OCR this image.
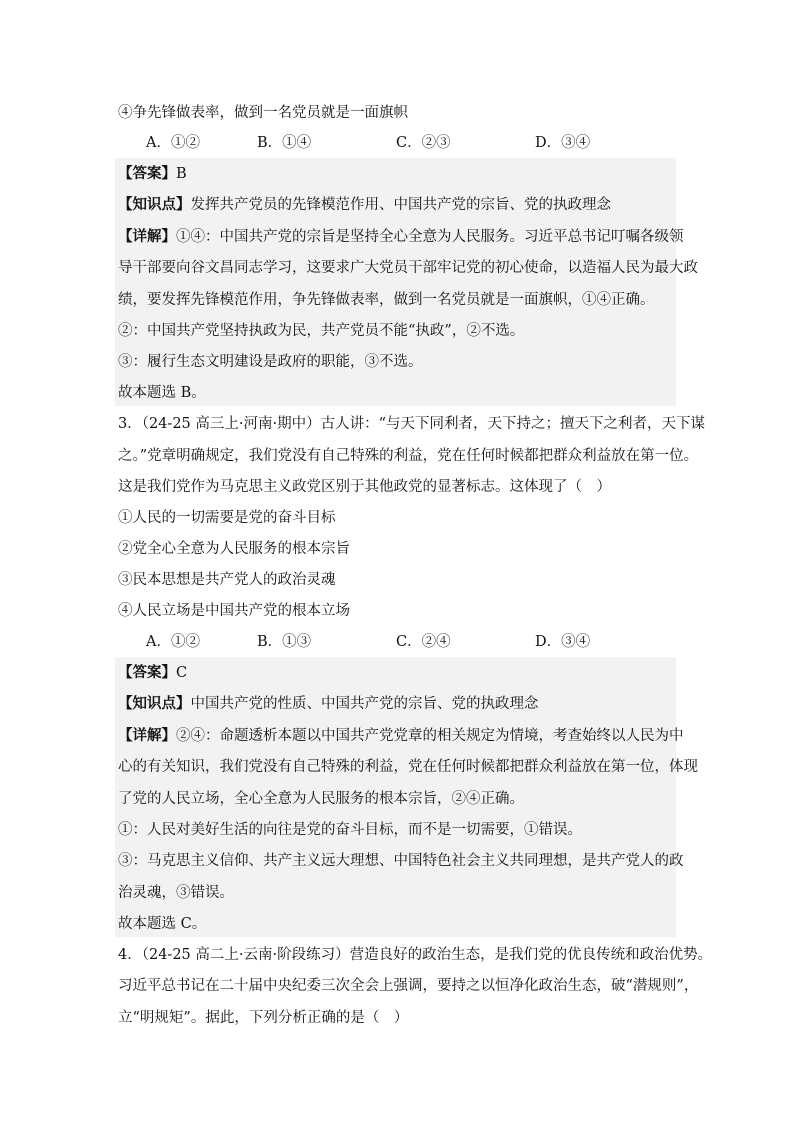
④争先锋做表率，做到一名党员就是一面旗帜
A．①②	B．①④	C．②③	D．③④
【答案】B
【知识点】发挥共产党员的先锋模范作用、中国共产党的宗旨、党的执政理念
【详解】①④：中国共产党的宗旨是坚持全心全意为人民服务。习近平总书记叮嘱各级领
导干部要向谷文昌同志学习，这要求广大党员干部牢记党的初心使命，以造福人民为最大政
绩，要发挥先锋模范作用，争先锋做表率，做到一名党员就是一面旗帜，①④正确。
②：中国共产党坚持执政为民，共产党员不能“执政”，②不选。
③：履行生态文明建设是政府的职能，③不选。
故本题选 B。
3．（24-25 高三上·河南·期中）古人讲：“与天下同利者，天下持之；擅天下之利者，天下谋
之。”党章明确规定，我们党没有自己特殊的利益，党在任何时候都把群众利益放在第一位。
这是我们党作为马克思主义政党区别于其他政党的显著标志。这体现了（　）
①人民的一切需要是党的奋斗目标
②党全心全意为人民服务的根本宗旨
③民本思想是共产党人的政治灵魂
④人民立场是中国共产党的根本立场
A．①②	B．①③	C．②④	D．③④
【答案】C
【知识点】中国共产党的性质、中国共产党的宗旨、党的执政理念
【详解】②④：命题透析本题以中国共产党党章的相关规定为情境，考查始终以人民为中
心的有关知识，我们党没有自己特殊的利益，党在任何时候都把群众利益放在第一位，体现
了党的人民立场，全心全意为人民服务的根本宗旨，②④正确。
①：人民对美好生活的向往是党的奋斗目标，而不是一切需要，①错误。
③：马克思主义信仰、共产主义远大理想、中国特色社会主义共同理想，是共产党人的政
治灵魂，③错误。
故本题选 C。
4．（24-25 高二上·云南·阶段练习）营造良好的政治生态，是我们党的优良传统和政治优势。
习近平总书记在二十届中央纪委三次全会上强调，要持之以恒净化政治生态，破“潜规则”，
立“明规矩”。据此，下列分析正确的是（　）
